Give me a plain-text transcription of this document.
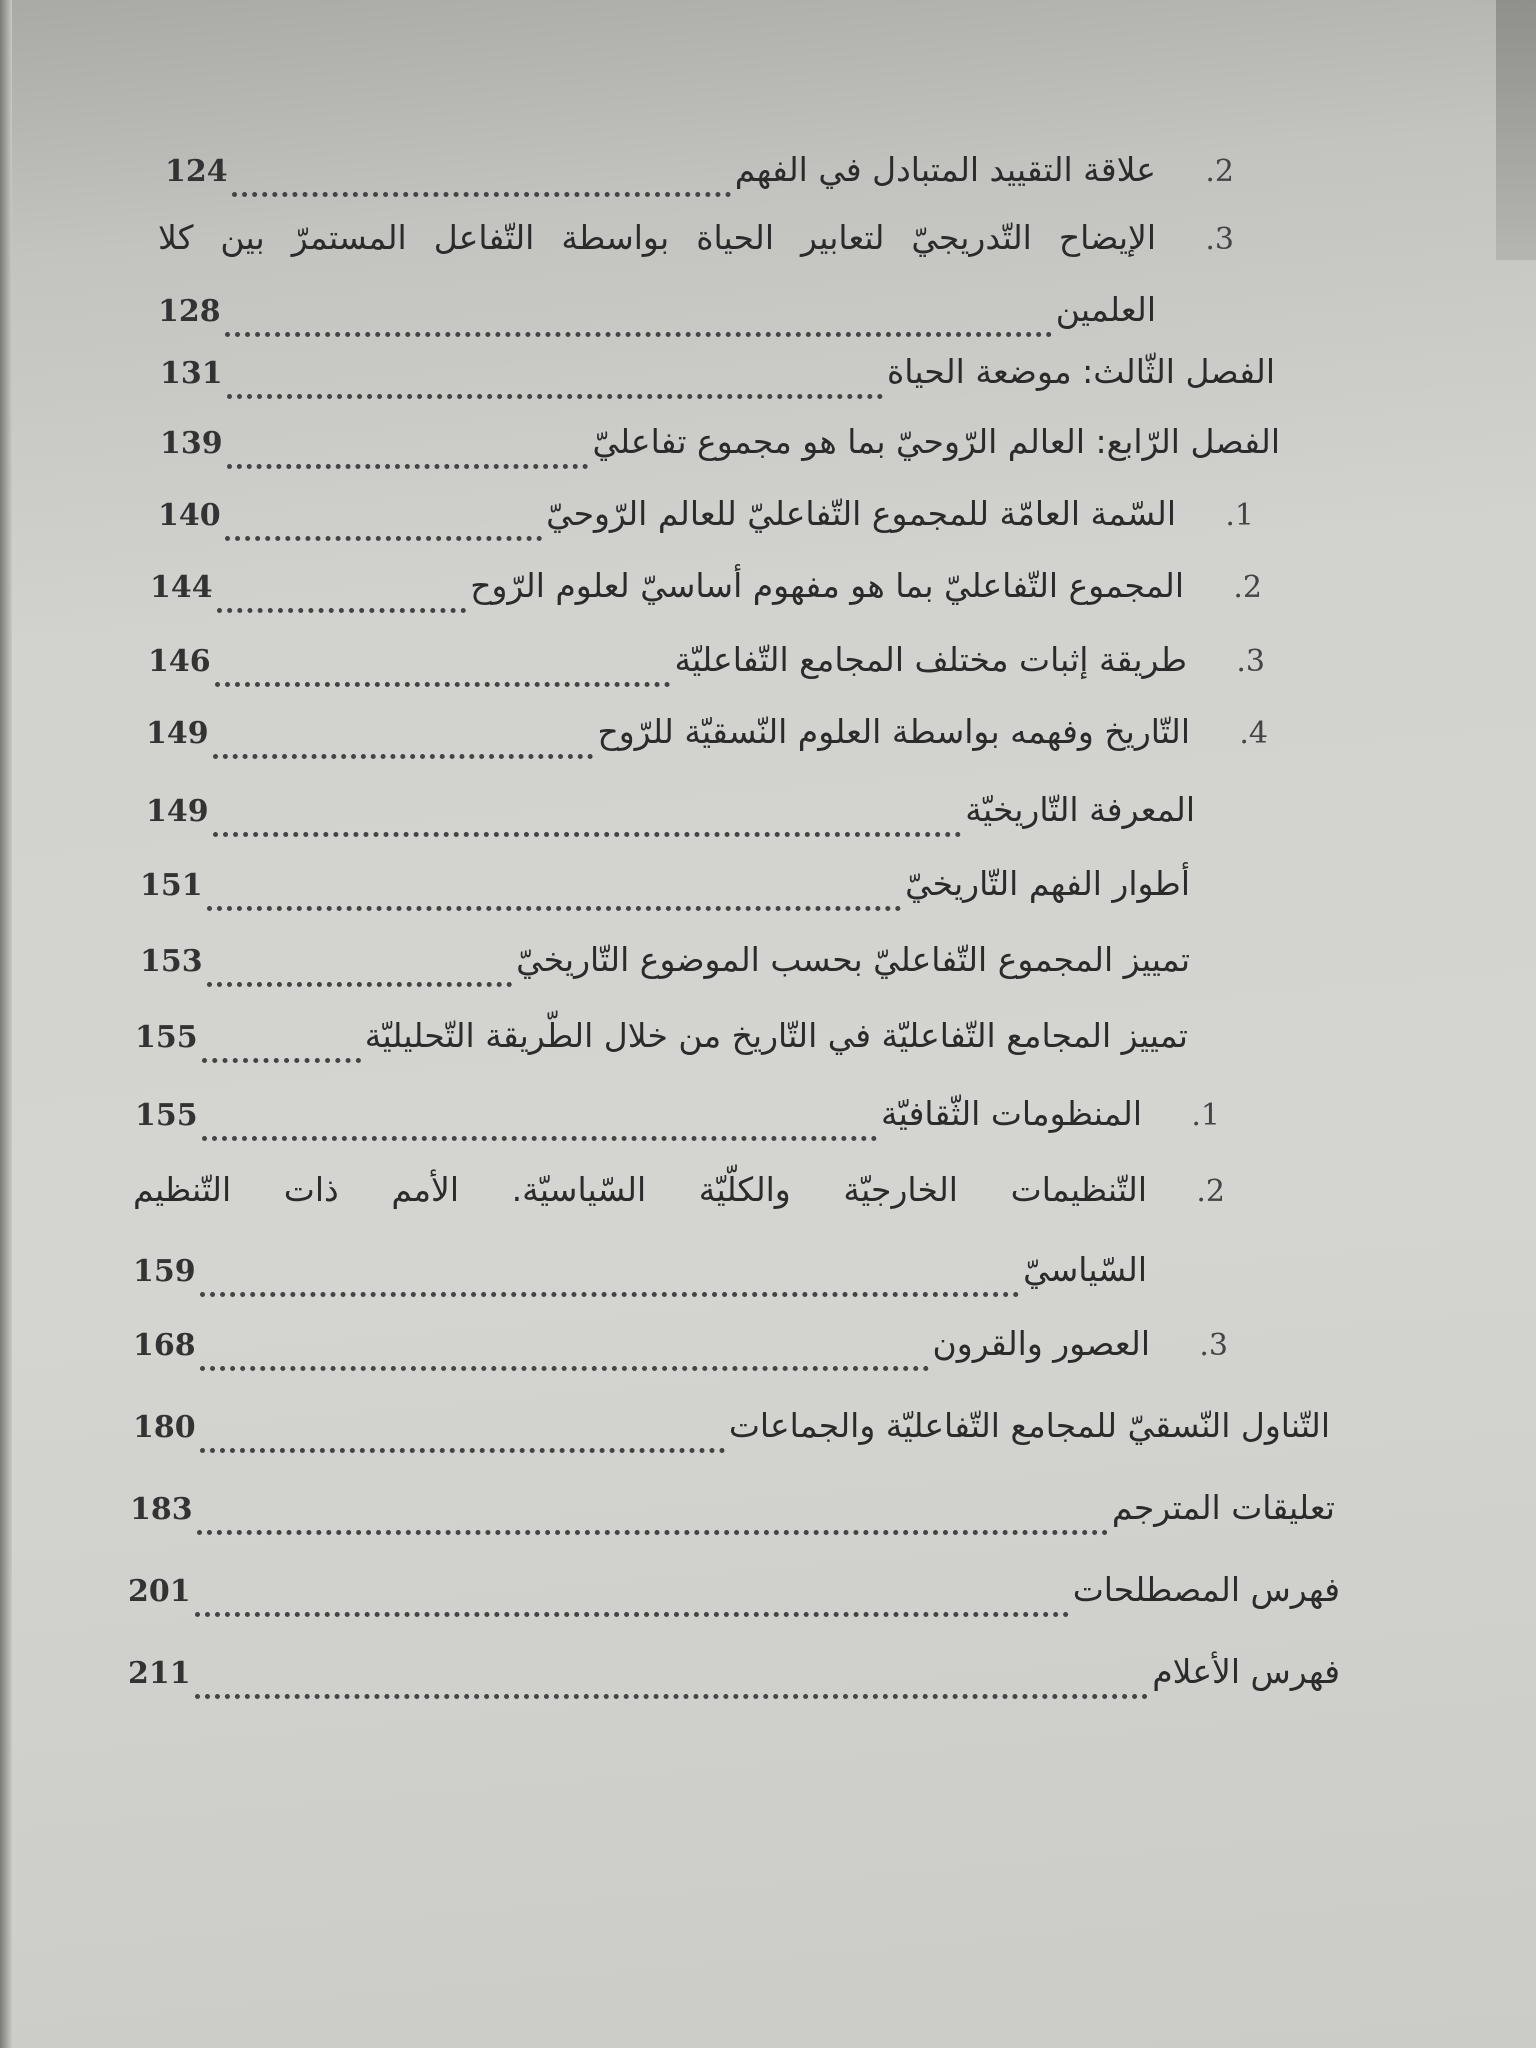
2.
علاقة التقييد المتبادل في الفهم
124
3.
الإيضاح التّدريجيّ لتعابير الحياة بواسطة التّفاعل المستمرّ بين كلا
العلمين
128
الفصل الثّالث: موضعة الحياة
131
الفصل الرّابع: العالم الرّوحيّ بما هو مجموع تفاعليّ
139
1.
السّمة العامّة للمجموع التّفاعليّ للعالم الرّوحيّ
140
2.
المجموع التّفاعليّ بما هو مفهوم أساسيّ لعلوم الرّوح
144
3.
طريقة إثبات مختلف المجامع التّفاعليّة
146
4.
التّاريخ وفهمه بواسطة العلوم النّسقيّة للرّوح
149
المعرفة التّاريخيّة
149
أطوار الفهم التّاريخيّ
151
تمييز المجموع التّفاعليّ بحسب الموضوع التّاريخيّ
153
تمييز المجامع التّفاعليّة في التّاريخ من خلال الطّريقة التّحليليّة
155
1.
المنظومات الثّقافيّة
155
2.
التّنظيمات الخارجيّة والكلّيّة السّياسيّة. الأمم ذات التّنظيم
السّياسيّ
159
3.
العصور والقرون
168
التّناول النّسقيّ للمجامع التّفاعليّة والجماعات
180
تعليقات المترجم
183
فهرس المصطلحات
201
فهرس الأعلام
211
